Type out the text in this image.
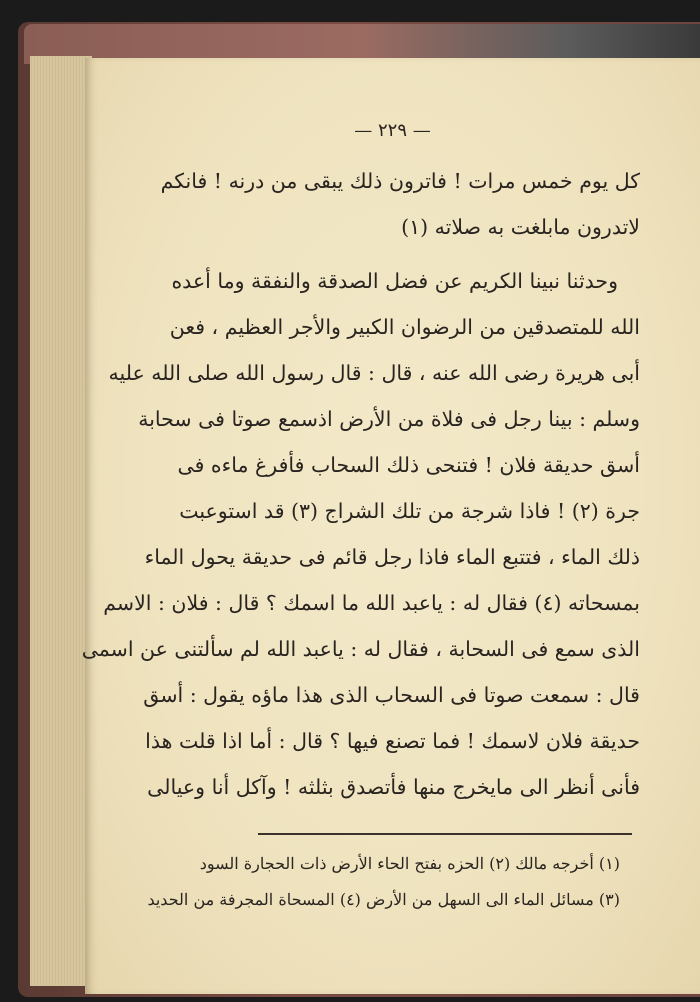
— ٢٢٩ —
كل يوم خمس مرات ! فاترون ذلك يبقى من درنه ! فانكم
لاتدرون مابلغت به صلاته (١)
وحدثنا نبينا الكريم عن فضل الصدقة والنفقة وما أعده
الله للمتصدقين من الرضوان الكبير والأجر العظيم ، فعن
أبى هريرة رضى الله عنه ، قال : قال رسول الله صلى الله عليه
وسلم : بينا رجل فى فلاة من الأرض اذسمع صوتا فى سحابة
أسق حديقة فلان ! فتنحى ذلك السحاب فأفرغ ماءه فى
جرة (٢) ! فاذا شرجة من تلك الشراج (٣) قد استوعبت
ذلك الماء ، فتتبع الماء فاذا رجل قائم فى حديقة يحول الماء
بمسحاته (٤) فقال له : ياعبد الله ما اسمك ؟ قال : فلان : الاسم
الذى سمع فى السحابة ، فقال له : ياعبد الله لم سألتنى عن اسمى
قال : سمعت صوتا فى السحاب الذى هذا ماؤه يقول : أسق
حديقة فلان لاسمك ! فما تصنع فيها ؟ قال : أما اذا قلت هذا
فأنى أنظر الى مايخرج منها فأتصدق بثلثه ! وآكل أنا وعيالى
(١) أخرجه مالك (٢) الحزه بفتح الحاء الأرض ذات الحجارة السود
(٣) مسائل الماء الى السهل من الأرض (٤) المسحاة المجرفة من الحديد
